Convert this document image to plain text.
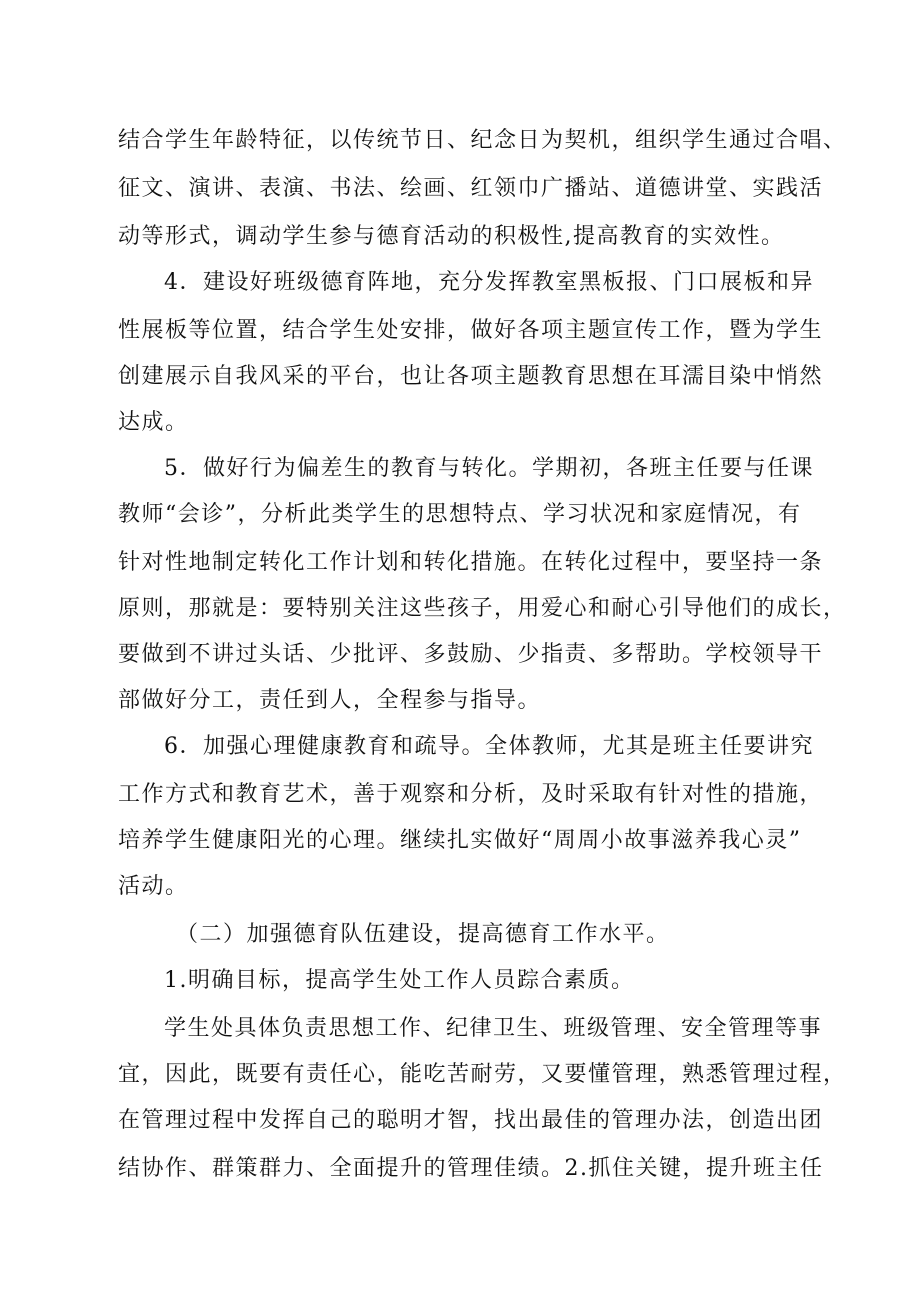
结合学生年龄特征，以传统节日、纪念日为契机，组织学生通过合唱、
征文、演讲、表演、书法、绘画、红领巾广播站、道德讲堂、实践活
动等形式，调动学生参与德育活动的积极性,提高教育的实效性。
4．建设好班级德育阵地，充分发挥教室黑板报、门口展板和异
性展板等位置，结合学生处安排，做好各项主题宣传工作，暨为学生
创建展示自我风采的平台，也让各项主题教育思想在耳濡目染中悄然
达成。
5．做好行为偏差生的教育与转化。学期初，各班主任要与任课
教师“会诊”，分析此类学生的思想特点、学习状况和家庭情况，有
针对性地制定转化工作计划和转化措施。在转化过程中，要坚持一条
原则，那就是：要特别关注这些孩子，用爱心和耐心引导他们的成长，
要做到不讲过头话、少批评、多鼓励、少指责、多帮助。学校领导干
部做好分工，责任到人，全程参与指导。
6．加强心理健康教育和疏导。全体教师，尤其是班主任要讲究
工作方式和教育艺术，善于观察和分析，及时采取有针对性的措施，
培养学生健康阳光的心理。继续扎实做好“周周小故事滋养我心灵”
活动。
（二）加强德育队伍建设，提高德育工作水平。
1.明确目标，提高学生处工作人员踪合素质。
学生处具体负责思想工作、纪律卫生、班级管理、安全管理等事
宜，因此，既要有责任心，能吃苦耐劳，又要懂管理，熟悉管理过程，
在管理过程中发挥自己的聪明才智，找出最佳的管理办法，创造出团
结协作、群策群力、全面提升的管理佳绩。2.抓住关键，提升班主任
